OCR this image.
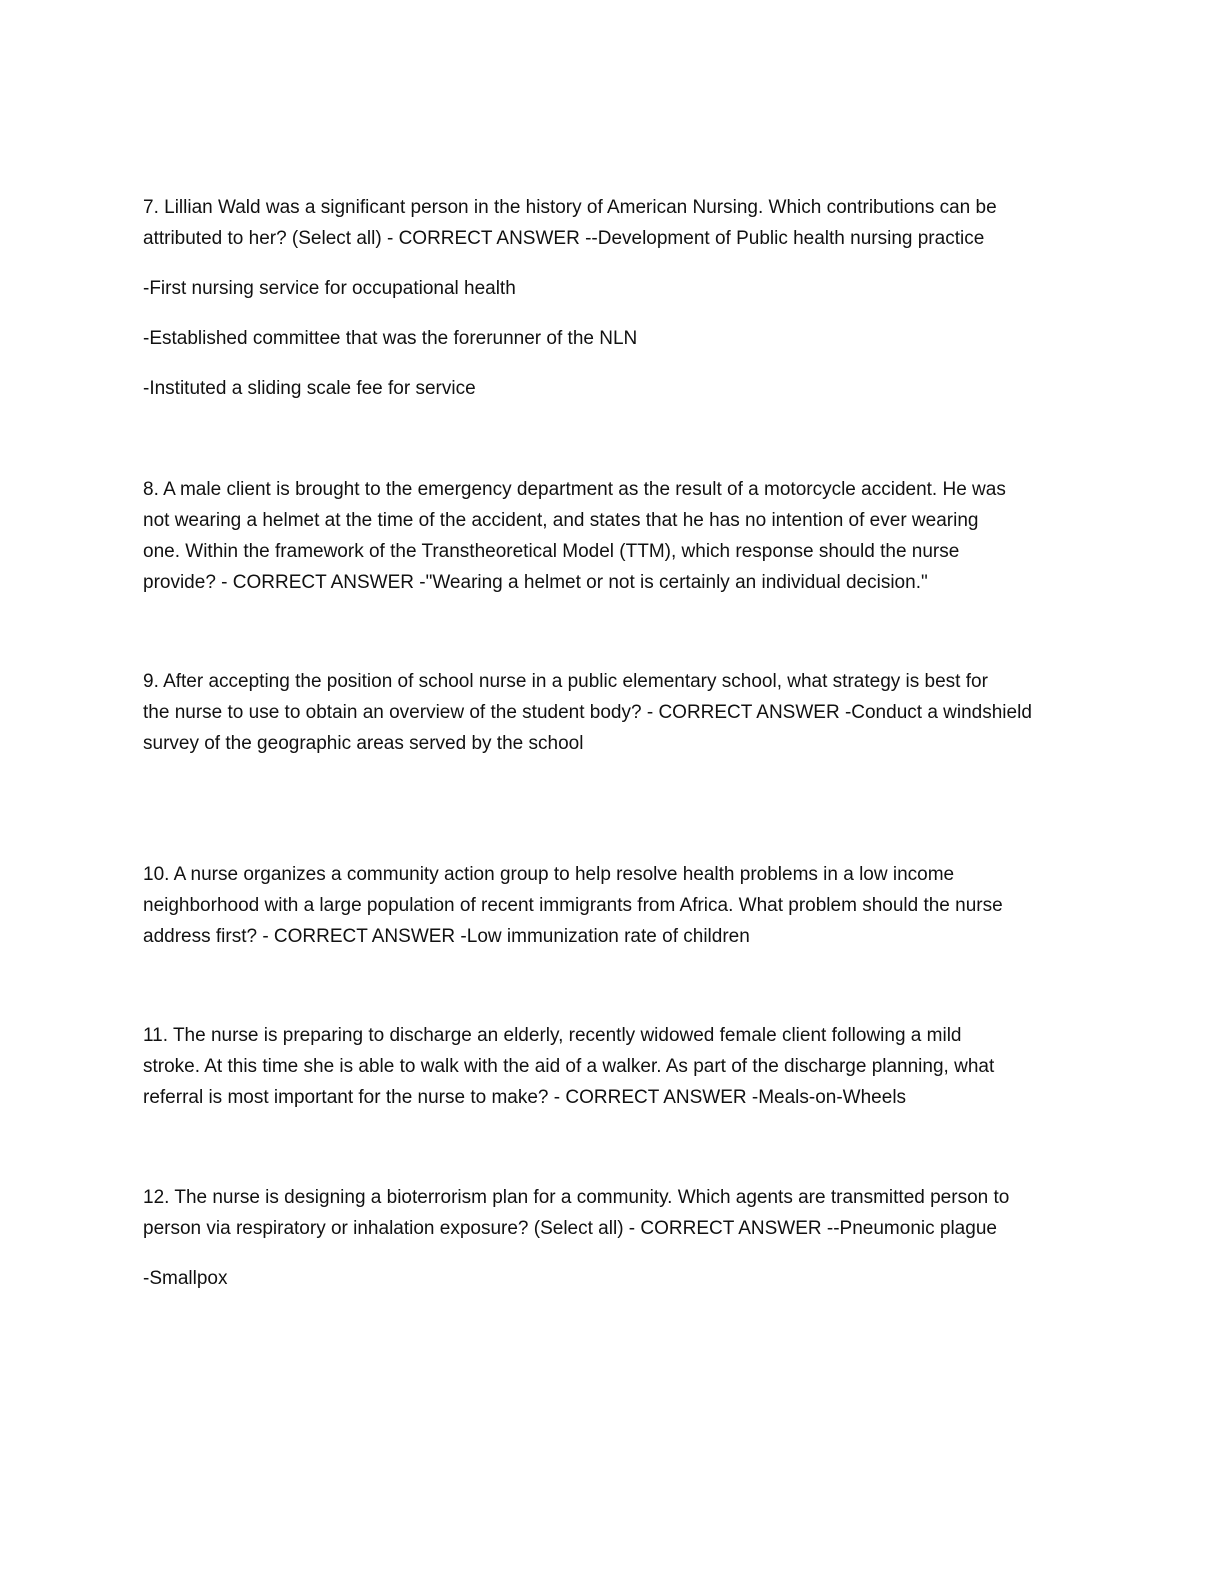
7. Lillian Wald was a significant person in the history of American Nursing. Which contributions can be

attributed to her? (Select all) - CORRECT ANSWER --Development of Public health nursing practice

-First nursing service for occupational health

-Established committee that was the forerunner of the NLN

-Instituted a sliding scale fee for service

8. A male client is brought to the emergency department as the result of a motorcycle accident. He was

not wearing a helmet at the time of the accident, and states that he has no intention of ever wearing

one. Within the framework of the Transtheoretical Model (TTM), which response should the nurse

provide? - CORRECT ANSWER -"Wearing a helmet or not is certainly an individual decision."

9. After accepting the position of school nurse in a public elementary school, what strategy is best for

the nurse to use to obtain an overview of the student body? - CORRECT ANSWER -Conduct a windshield

survey of the geographic areas served by the school

10. A nurse organizes a community action group to help resolve health problems in a low income

neighborhood with a large population of recent immigrants from Africa. What problem should the nurse

address first? - CORRECT ANSWER -Low immunization rate of children

11. The nurse is preparing to discharge an elderly, recently widowed female client following a mild

stroke. At this time she is able to walk with the aid of a walker. As part of the discharge planning, what

referral is most important for the nurse to make? - CORRECT ANSWER -Meals-on-Wheels

12. The nurse is designing a bioterrorism plan for a community. Which agents are transmitted person to

person via respiratory or inhalation exposure? (Select all) - CORRECT ANSWER --Pneumonic plague

-Smallpox
